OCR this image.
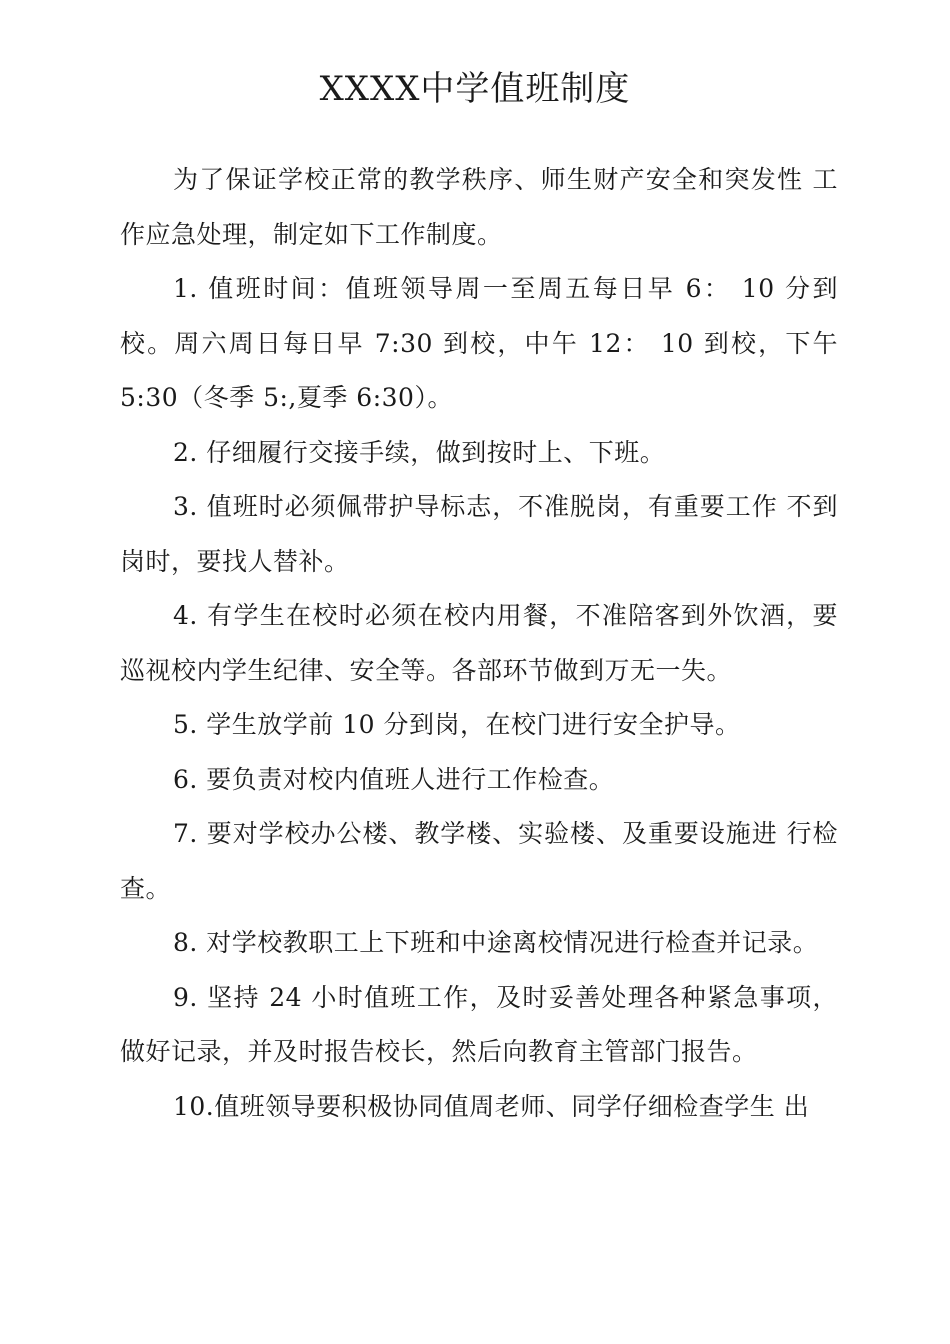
XXXX中学值班制度

为了保证学校正常的教学秩序、师生财产安全和突发性 工作应急处理，制定如下工作制度。

1. 值班时间：值班领导周一至周五每日早 6： 10 分到校。周六周日每日早 7:30 到校，中午 12： 10 到校，下午 5:30（冬季 5:,夏季 6:30）。

2. 仔细履行交接手续，做到按时上、下班。

3. 值班时必须佩带护导标志，不准脱岗，有重要工作 不到岗时，要找人替补。

4. 有学生在校时必须在校内用餐，不准陪客到外饮酒，要巡视校内学生纪律、安全等。各部环节做到万无一失。

5. 学生放学前 10 分到岗，在校门进行安全护导。

6. 要负责对校内值班人进行工作检查。

7. 要对学校办公楼、教学楼、实验楼、及重要设施进 行检查。

8. 对学校教职工上下班和中途离校情况进行检查并记录。

9. 坚持 24 小时值班工作，及时妥善处理各种紧急事项，做好记录，并及时报告校长，然后向教育主管部门报告。

10.值班领导要积极协同值周老师、同学仔细检查学生 出
